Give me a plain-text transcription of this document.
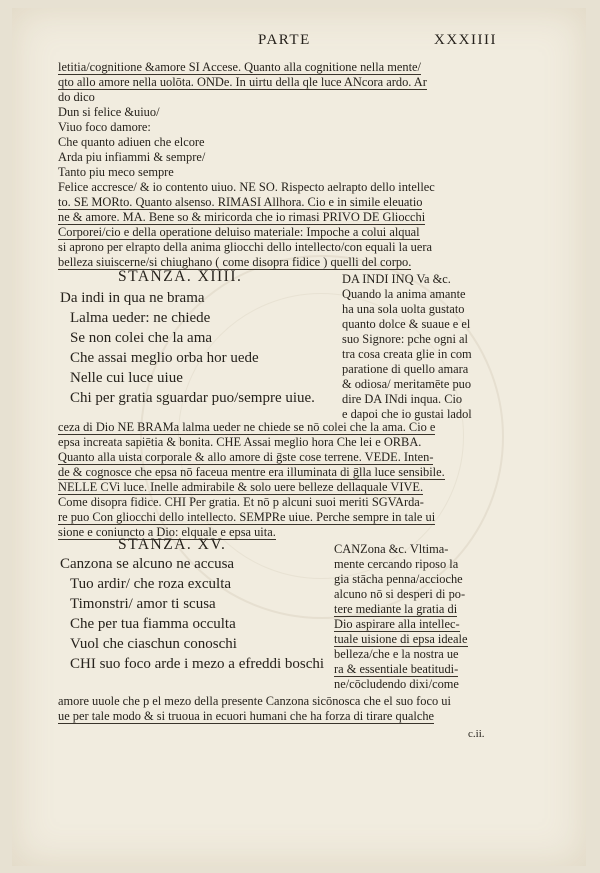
PARTE	XXXIIII
letitia/cognitione &amore SI Accese. Quanto alla cognitione nella mente/
qto allo amore nella uolōta. ONDe. In uirtu della qle luce ANcora ardo. Ar
do dico
Dun si felice &uiuo/
Viuo foco damore:
Che quanto adiuen che elcore
Arda piu infiammi & sempre/
Tanto piu meco sempre
Felice accresce/ & io contento uiuo. NE SO. Rispecto aelrapto dello intellec
to. SE MORto. Quanto alsenso. RIMASI Allhora. Cio e in simile eleuatio
ne & amore. MA. Bene so & miricorda che io rimasi PRIVO DE Gliocchi
Corporei/cio e della operatione deluiso materiale: Impoche a colui alqual
si aprono per elrapto della anima gliocchi dello intellecto/con equali la uera
belleza siuiscerne/si chiughano ( come disopra fidice ) quelli del corpo.
STANZA. XIIII.	DA INDI INQ Va &c.
Da indi in qua ne brama
Lalma ueder: ne chiede
Se non colei che la ama
Che assai meglio orba hor uede
Nelle cui luce uiue
Chi per gratia sguardar puo/sempre uiue.
Quando la anima amante
ha una sola uolta gustato
quanto dolce & suaue e el
suo Signore: pche ogni al
tra cosa creata glie in com
paratione di quello amara
& odiosa/ meritamēte puo
dire DA INdi inqua. Cio
e dapoi che io gustai ladol
ceza di Dio NE BRAMa lalma ueder ne chiede se nō colei che la ama. Cio e
epsa increata sapiētia & bonita. CHE Assai meglio hora Che lei e ORBA.
Quanto alla uista corporale & allo amore di ḡste cose terrene. VEDE. Inten-
de & cognosce che epsa nō faceua mentre era illuminata di ḡlla luce sensibile.
NELLE CVi luce. Inelle admirabile & solo uere belleze dellaquale VIVE.
Come disopra fidice. CHI Per gratia. Et nō p alcuni suoi meriti SGVArda-
re puo Con gliocchi dello intellecto. SEMPRe uiue. Perche sempre in tale ui
sione e coniuncto a Dio: elquale e epsa uita.
STANZA. XV.
Canzona se alcuno ne accusa
Tuo ardir/ che roza exculta
Timonstri/ amor ti scusa
Che per tua fiamma occulta
Vuol che ciaschun conoschi
CHI suo foco arde i mezo a efreddi boschi
CANZona &c. Vltima-
mente cercando riposo la
gia stācha penna/accioche
alcuno nō si desperi di po-
tere mediante la gratia di
Dio aspirare alla intellec-
tuale uisione di epsa ideale
belleza/che e la nostra ue
ra & essentiale beatitudi-
ne/cōcludendo dixi/come
amore uuole che p el mezo della presente Canzona sicōnosca che el suo foco ui
ue per tale modo & si truoua in ecuori humani che ha forza di tirare qualche
c.ii.
